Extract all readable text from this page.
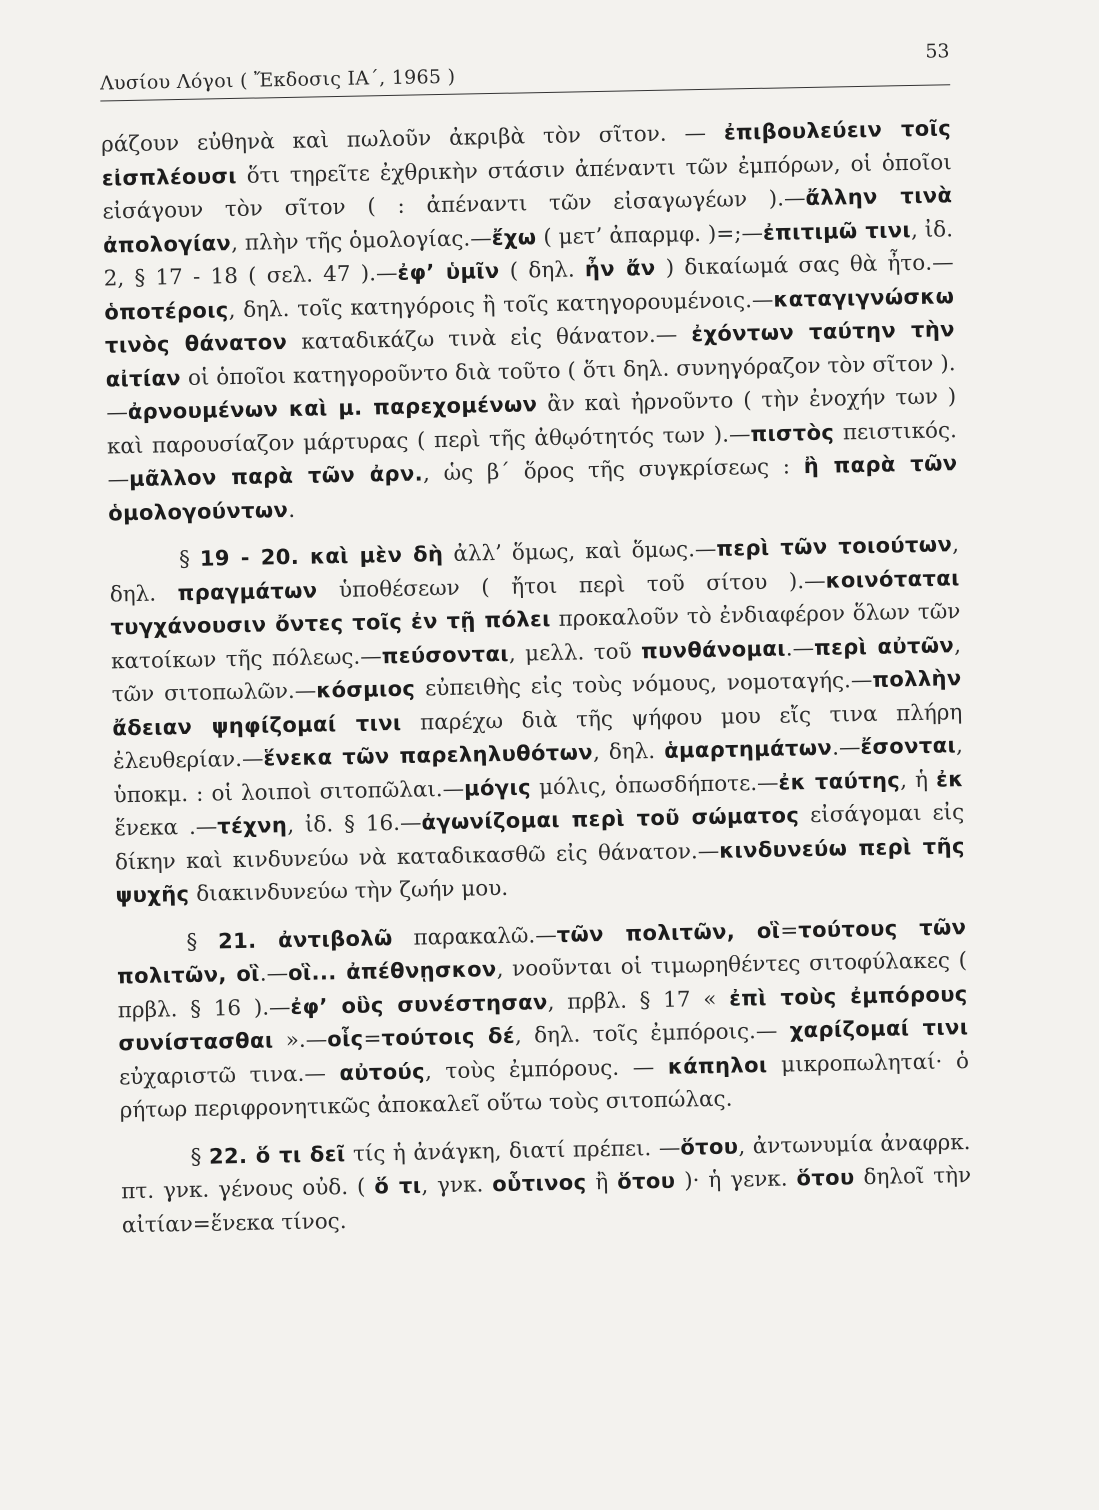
Λυσίου Λόγοι ( Ἔκδοσις ΙΑ΄, 1965 )
53

ράζουν εὐθηνὰ καὶ πωλοῦν ἀκριβὰ τὸν σῖτον. — ἐπιβουλεύειν τοῖς εἰσπλέουσι ὅτι τηρεῖτε ἐχθρικὴν στάσιν ἀπέναντι τῶν ἐμπόρων, οἱ ὁποῖοι εἰσάγουν τὸν σῖτον ( : ἀπέναντι τῶν εἰσαγωγέων ).—ἄλλην τινὰ ἀπολογίαν, πλὴν τῆς ὁμολογίας.—ἔχω ( μετ’ ἀπαρμφ. )=;—ἐπιτιμῶ τινι, ἰδ. 2, § 17 - 18 ( σελ. 47 ).—ἐφ’ ὑμῖν ( δηλ. ἦν ἄν ) δικαίωμά σας θὰ ἦτο.—ὁποτέροις, δηλ. τοῖς κατηγόροις ἢ τοῖς κατηγορουμένοις.—καταγιγνώσκω τινὸς θάνατον καταδικάζω τινὰ εἰς θάνατον.— ἐχόντων ταύτην τὴν αἰτίαν οἱ ὁποῖοι κατηγοροῦντο διὰ τοῦτο ( ὅτι δηλ. συνηγόραζον τὸν σῖτον ).—ἀρνουμένων καὶ μ. παρεχομένων ἂν καὶ ἠρνοῦντο ( τὴν ἐνοχήν των ) καὶ παρουσίαζον μάρτυρας ( περὶ τῆς ἀθῳότητός των ).—πιστὸς πειστικός.—μᾶλλον παρὰ τῶν ἀρν., ὡς β΄ ὅρος τῆς συγκρίσεως : ἢ παρὰ τῶν ὁμολογούντων.

§ 19 - 20. καὶ μὲν δὴ ἀλλ’ ὅμως, καὶ ὅμως.—περὶ τῶν τοιούτων, δηλ. πραγμάτων ὑποθέσεων ( ἤτοι περὶ τοῦ σίτου ).—κοινόταται τυγχάνουσιν ὄντες τοῖς ἐν τῇ πόλει προκαλοῦν τὸ ἐνδιαφέρον ὅλων τῶν κατοίκων τῆς πόλεως.—πεύσονται, μελλ. τοῦ πυνθάνομαι.—περὶ αὐτῶν, τῶν σιτοπωλῶν.—κόσμιος εὐπειθὴς εἰς τοὺς νόμους, νομοταγής.—πολλὴν ἄδειαν ψηφίζομαί τινι παρέχω διὰ τῆς ψήφου μου εἴς τινα πλήρη ἐλευθερίαν.—ἕνεκα τῶν παρεληλυθότων, δηλ. ἁμαρτημάτων.—ἔσονται, ὑποκμ. : οἱ λοιποὶ σιτοπῶλαι.—μόγις μόλις, ὁπωσδήποτε.—ἐκ ταύτης, ἡ ἐκ ἕνεκα .—τέχνη, ἰδ. § 16.—ἀγωνίζομαι περὶ τοῦ σώματος εἰσάγομαι εἰς δίκην καὶ κινδυνεύω νὰ καταδικασθῶ εἰς θάνατον.—κινδυνεύω περὶ τῆς ψυχῆς διακινδυνεύω τὴν ζωήν μου.

§ 21. ἀντιβολῶ παρακαλῶ.—τῶν πολιτῶν, οἳ=τούτους τῶν πολιτῶν, οἳ.—οἳ... ἀπέθνῃσκον, νοοῦνται οἱ τιμωρηθέντες σιτοφύλακες ( πρβλ. § 16 ).—ἐφ’ οὓς συνέστησαν, πρβλ. § 17 « ἐπὶ τοὺς ἐμπόρους συνίστασθαι ».—οἷς=τούτοις δέ, δηλ. τοῖς ἐμπόροις.— χαρίζομαί τινι εὐχαριστῶ τινα.— αὐτούς, τοὺς ἐμπόρους. — κάπηλοι μικροπωληταί· ὁ ρήτωρ περιφρονητικῶς ἀποκαλεῖ οὕτω τοὺς σιτοπώλας.

§ 22. ὅ τι δεῖ τίς ἡ ἀνάγκη, διατί πρέπει. —ὅτου, ἀντωνυμία ἀναφρκ. πτ. γνκ. γένους οὐδ. ( ὅ τι, γνκ. οὗτινος ἢ ὅτου )· ἡ γενκ. ὅτου δηλοῖ τὴν αἰτίαν=ἕνεκα τίνος.
